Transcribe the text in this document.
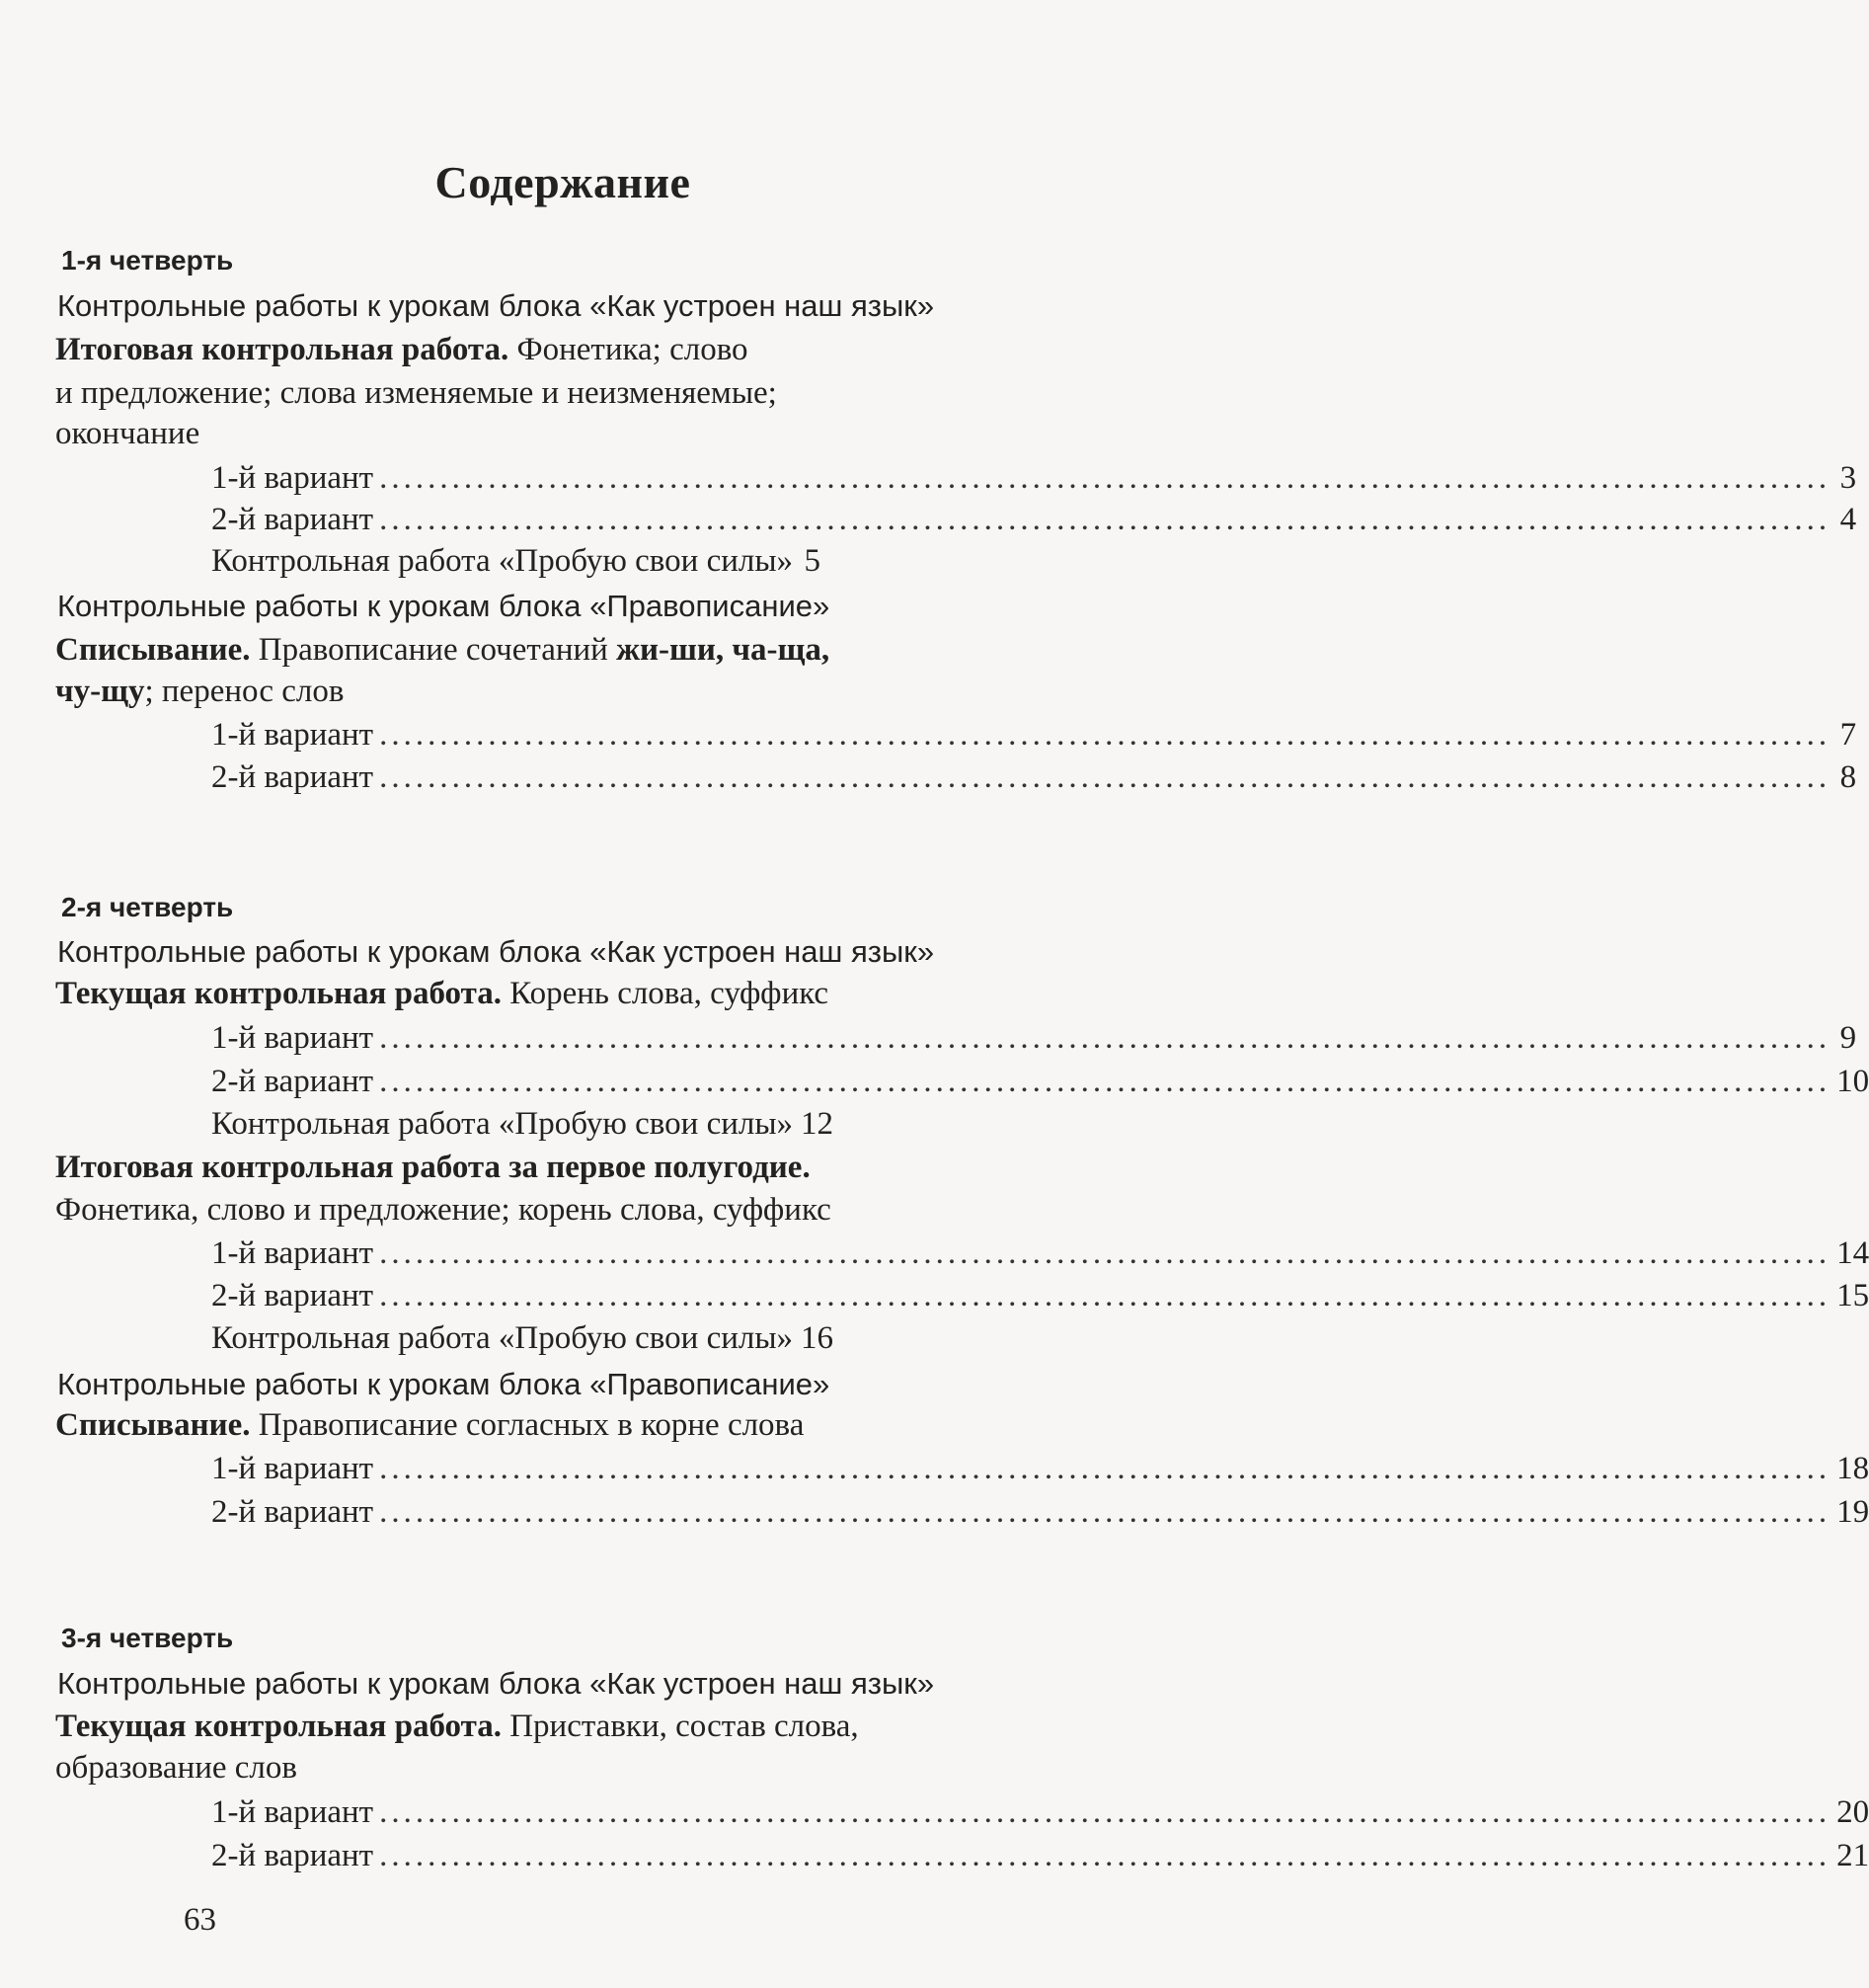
Содержание
1-я четверть
Контрольные работы к урокам блока «Как устроен наш язык»
Итоговая контрольная работа. Фонетика; слово
и предложение; слова изменяемые и неизменяемые;
окончание
1-й вариант ........................................................................................................................ 3
2-й вариант ........................................................................................................................ 4
Контрольная работа «Пробую свои силы» 5
Контрольные работы к урокам блока «Правописание»
Списывание. Правописание сочетаний жи-ши, ча-ща,
чу-щу; перенос слов
1-й вариант ........................................................................................................................ 7
2-й вариант ........................................................................................................................ 8
2-я четверть
Контрольные работы к урокам блока «Как устроен наш язык»
Текущая контрольная работа. Корень слова, суффикс
1-й вариант ........................................................................................................................ 9
2-й вариант ........................................................................................................................ 10
Контрольная работа «Пробую свои силы» 12
Итоговая контрольная работа за первое полугодие.
Фонетика, слово и предложение; корень слова, суффикс
1-й вариант ........................................................................................................................ 14
2-й вариант ........................................................................................................................ 15
Контрольная работа «Пробую свои силы» 16
Контрольные работы к урокам блока «Правописание»
Списывание. Правописание согласных в корне слова
1-й вариант ........................................................................................................................ 18
2-й вариант ........................................................................................................................ 19
3-я четверть
Контрольные работы к урокам блока «Как устроен наш язык»
Текущая контрольная работа. Приставки, состав слова,
образование слов
1-й вариант ........................................................................................................................ 20
2-й вариант ........................................................................................................................ 21
63
